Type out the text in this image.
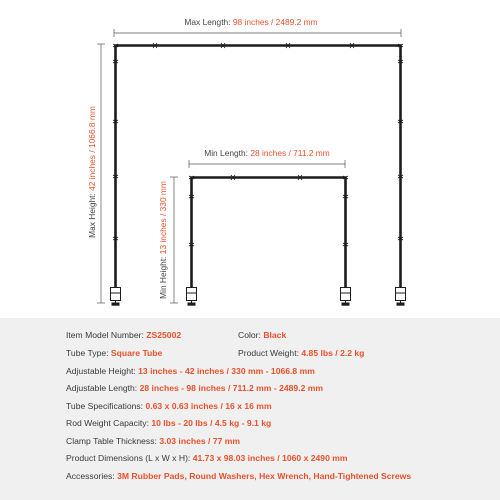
Max Length: 98 inches / 2489.2 mm
Max Height: 42 inches / 1066.8 mm	Min Length: 28 inches / 711.2 mm
Min Height: 13 inches / 330 mm
Item Model Number: ZS25002	Color: Black
Tube Type: Square Tube	Product Weight: 4.85 lbs / 2.2 kg
Adjustable Height: 13 inches - 42 inches / 330 mm - 1066.8 mm
Adjustable Length: 28 inches - 98 inches / 711.2 mm - 2489.2 mm
Tube Specifications: 0.63 x 0.63 inches / 16 x 16 mm
Rod Weight Capacity: 10 lbs - 20 lbs / 4.5 kg - 9.1 kg
Clamp Table Thickness: 3.03 inches / 77 mm
Product Dimensions (L x W x H): 41.73 x 98.03 inches / 1060 x 2490 mm
Accessories: 3M Rubber Pads, Round Washers, Hex Wrench, Hand-Tightened Screws
